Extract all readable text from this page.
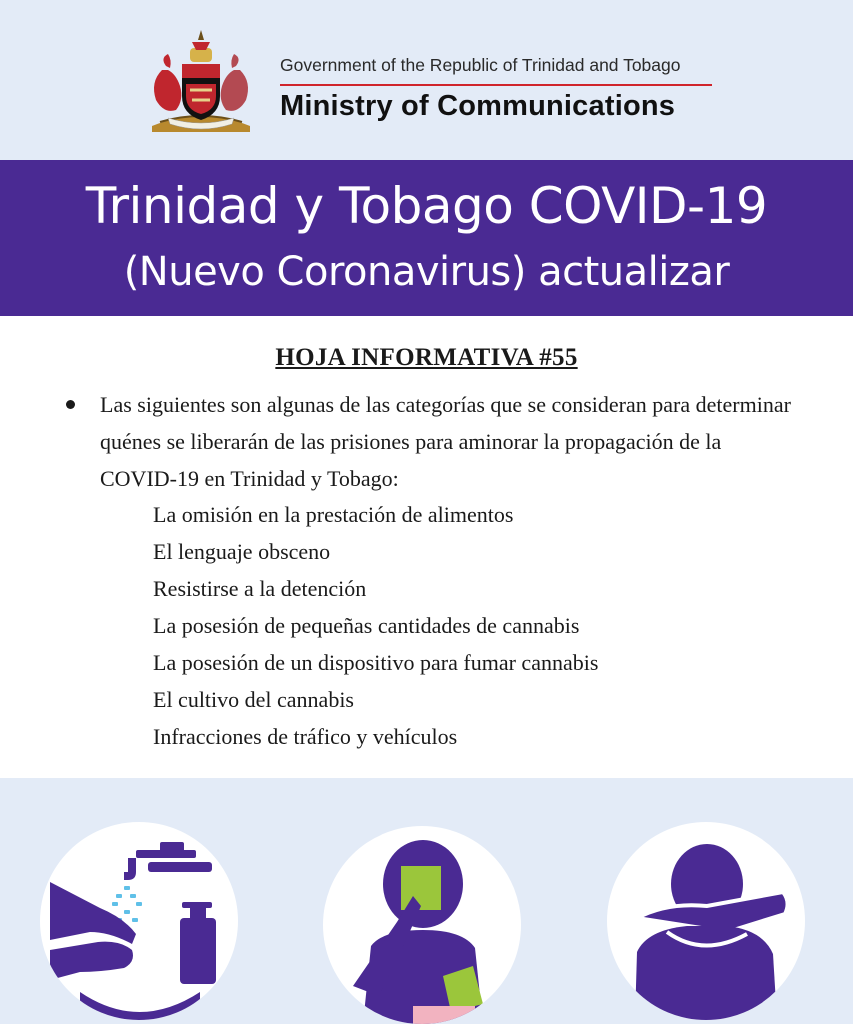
Government of the Republic of Trinidad and Tobago
Ministry of Communications
Trinidad y Tobago COVID-19
(Nuevo Coronavirus) actualizar
HOJA INFORMATIVA #55
Las siguientes son algunas de las categorías que se consideran para determinar quénes se liberarán de las prisiones para aminorar la propagación de la COVID-19 en Trinidad y Tobago:
La omisión en la prestación de alimentos
El lenguaje obsceno
Resistirse a la detención
La posesión de pequeñas cantidades de cannabis
La posesión de un dispositivo para fumar cannabis
El cultivo del cannabis
Infracciones de tráfico y vehículos
